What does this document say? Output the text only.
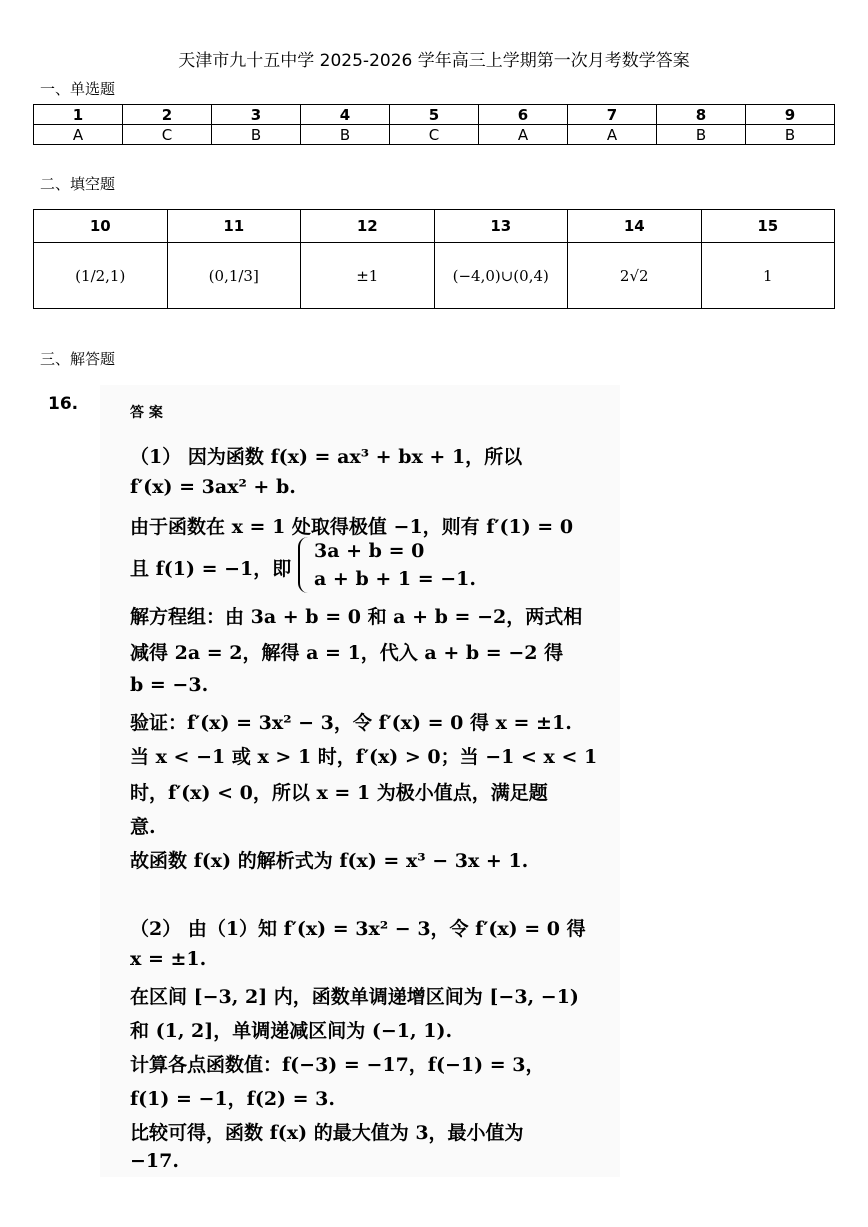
天津市九十五中学 2025-2026 学年高三上学期第一次月考数学答案
一、单选题
1	2	3	4	5	6	7	8	9
A	C	B	B	C	A	A	B	B
二、填空题
10	11	12	13	14	15
(1/2,1)	(0,1/3]	±1	(−4,0)∪(0,4)	2√2	1
三、解答题
16.	答 案
（1） 因为函数 f(x) = ax³ + bx + 1，所以
f′(x) = 3ax² + b.
由于函数在 x = 1 处取得极值 −1，则有 f′(1) = 0
且 f(1) = −1，即
3a + b = 0
a + b + 1 = −1.
解方程组：由 3a + b = 0 和 a + b = −2，两式相
减得 2a = 2，解得 a = 1，代入 a + b = −2 得
b = −3.
验证：f′(x) = 3x² − 3，令 f′(x) = 0 得 x = ±1.
当 x < −1 或 x > 1 时，f′(x) > 0；当 −1 < x < 1
时，f′(x) < 0，所以 x = 1 为极小值点，满足题
意.
故函数 f(x) 的解析式为 f(x) = x³ − 3x + 1.
（2） 由（1）知 f′(x) = 3x² − 3，令 f′(x) = 0 得
x = ±1.
在区间 [−3, 2] 内，函数单调递增区间为 [−3, −1)
和 (1, 2]，单调递减区间为 (−1, 1).
计算各点函数值：f(−3) = −17，f(−1) = 3，
f(1) = −1，f(2) = 3.
比较可得，函数 f(x) 的最大值为 3，最小值为
−17.
